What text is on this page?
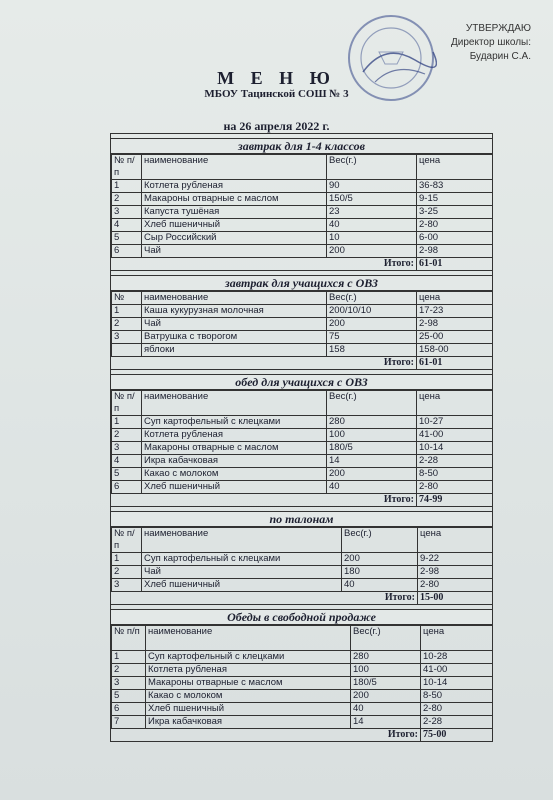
УТВЕРЖДАЮ
Директор школы:
Бударин С.А.
М Е Н Ю
МБОУ Тацинской СОШ № 3
на 26 апреля 2022 г.
завтрак для 1-4 классов
№ п/п	наименование	Вес(г.)	цена
1	Котлета рубленая	90	36-83
2	Макароны отварные с маслом	150/5	9-15
3	Капуста тушёная	23	3-25
4	Хлеб пшеничный	40	2-80
5	Сыр Российский	10	6-00
6	Чай	200	2-98
Итого:			61-01
завтрак для учащихся с ОВЗ
№	наименование	Вес(г.)	цена
1	Каша кукурузная молочная	200/10/10	17-23
2	Чай	200	2-98
3	Ватрушка с творогом	75	25-00
	яблоки	158	158-00
Итого:			61-01
обед для учащихся с ОВЗ
№ п/п	наименование	Вес(г.)	цена
1	Суп картофельный с клецками	280	10-27
2	Котлета рубленая	100	41-00
3	Макароны отварные с маслом	180/5	10-14
4	Икра кабачковая	14	2-28
5	Какао с молоком	200	8-50
6	Хлеб пшеничный	40	2-80
Итого:			74-99
по талонам
№ п/п	наименование	Вес(г.)	цена
1	Суп картофельный с клецками	200	9-22
2	Чай	180	2-98
3	Хлеб пшеничный	40	2-80
Итого:			15-00
Обеды в свободной продаже
№ п/п	наименование	Вес(г.)	цена
1	Суп картофельный с клецками	280	10-28
2	Котлета рубленая	100	41-00
3	Макароны отварные с маслом	180/5	10-14
5	Какао с молоком	200	8-50
6	Хлеб пшеничный	40	2-80
7	Икра кабачковая	14	2-28
Итого:			75-00
